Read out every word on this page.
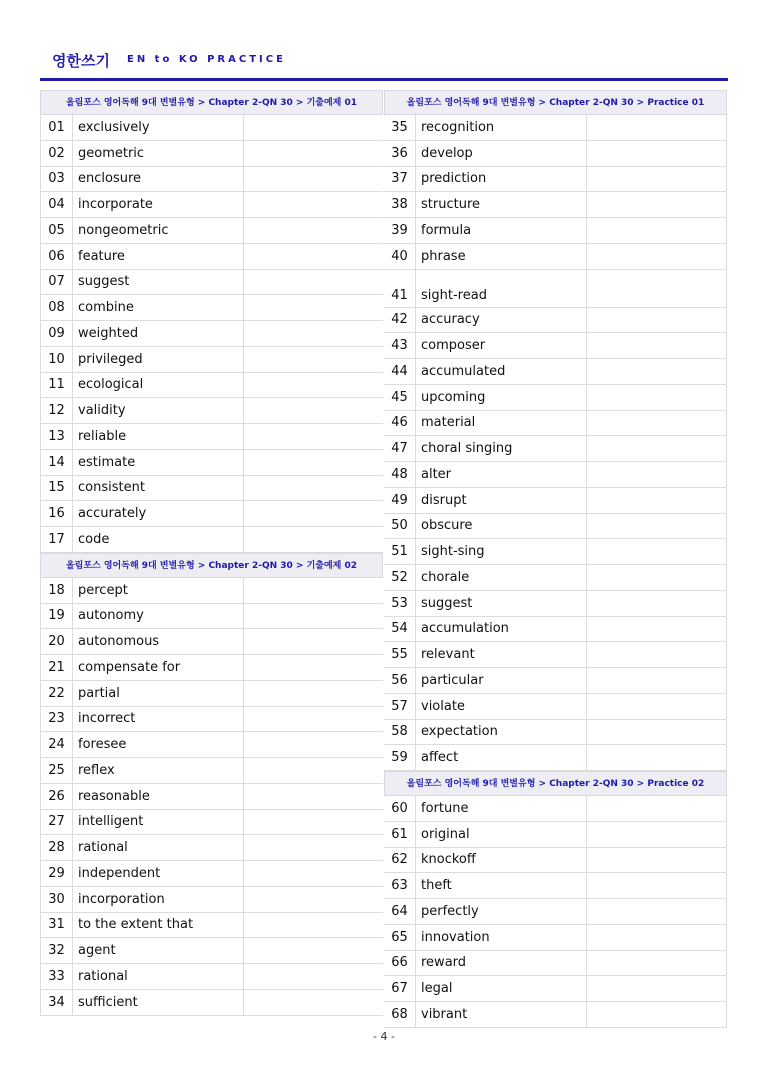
영한쓰기 EN to KO PRACTICE
올림포스 영어독해 9대 변별유형 > Chapter 2-QN 30 > 기출예제 01
01	exclusively
02	geometric
03	enclosure
04	incorporate
05	nongeometric
06	feature
07	suggest
08	combine
09	weighted
10	privileged
11	ecological
12	validity
13	reliable
14	estimate
15	consistent
16	accurately
17	code
올림포스 영어독해 9대 변별유형 > Chapter 2-QN 30 > 기출예제 02
18	percept
19	autonomy
20	autonomous
21	compensate for
22	partial
23	incorrect
24	foresee
25	reflex
26	reasonable
27	intelligent
28	rational
29	independent
30	incorporation
31	to the extent that
32	agent
33	rational
34	sufficient
올림포스 영어독해 9대 변별유형 > Chapter 2-QN 30 > Practice 01
35	recognition
36	develop
37	prediction
38	structure
39	formula
40	phrase
41	sight-read
42	accuracy
43	composer
44	accumulated
45	upcoming
46	material
47	choral singing
48	alter
49	disrupt
50	obscure
51	sight-sing
52	chorale
53	suggest
54	accumulation
55	relevant
56	particular
57	violate
58	expectation
59	affect
올림포스 영어독해 9대 변별유형 > Chapter 2-QN 30 > Practice 02
60	fortune
61	original
62	knockoff
63	theft
64	perfectly
65	innovation
66	reward
67	legal
68	vibrant
- 4 -
